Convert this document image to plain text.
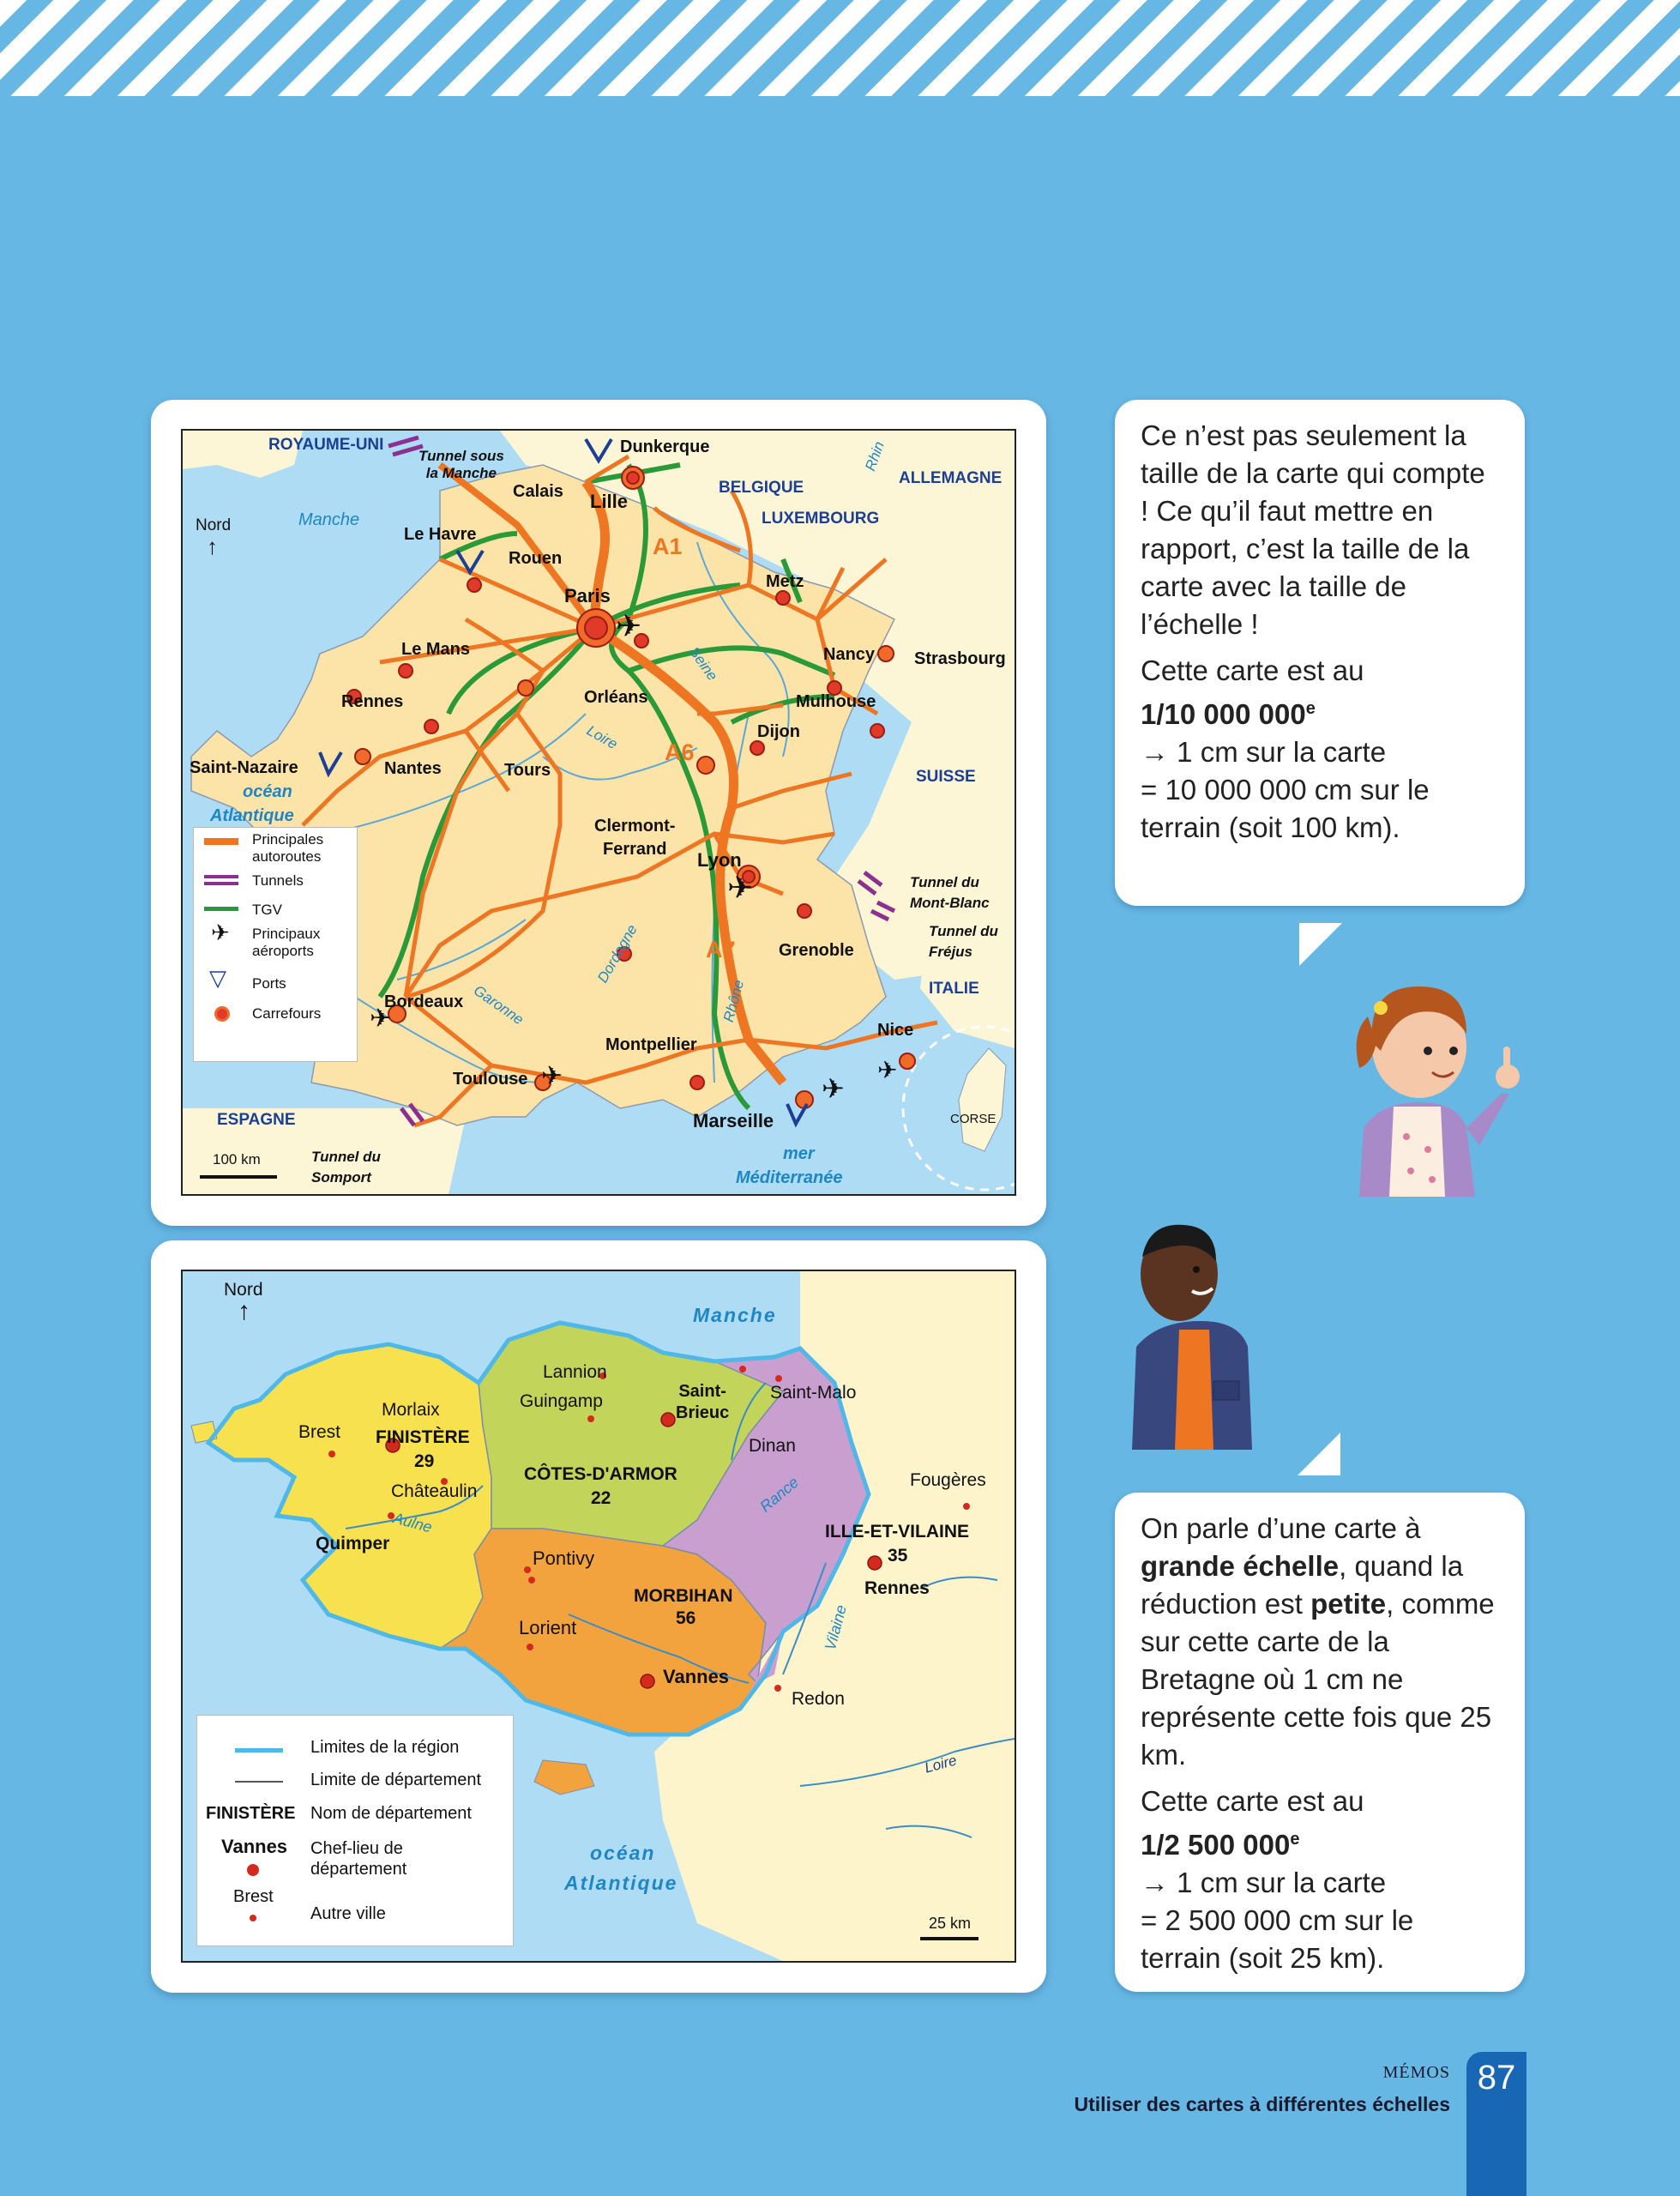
✈
✈
✈
✈	✈
✈
ROYAUME-UNI
BELGIQUE
LUXEMBOURG
ALLEMAGNE
SUISSE
ITALIE
ESPAGNE	CORSE
Manche
océan
Atlantique
mer
Méditerranée
Rhin
Seine
Loire
Dordogne
Garonne	Rhône
Nord
↑	A1
A6
A7
Tunnel sous
la Manche
Tunnel du
Mont-Blanc
Tunnel du
Fréjus
Tunnel du
Somport
Dunkerque
Calais Lille
Le Havre
Rouen
Paris
Metz
Nancy Strasbourg
Le Mans
Rennes	Orléans	Mulhouse
Dijon
Saint-Nazaire	Nantes	Tours
Clermont-
Ferrand	Lyon
Grenoble
Bordeaux
Montpellier
Toulouse
Marseille
Nice
100 km
Principales
autoroutes
Tunnels
TGV
✈ Principaux
aéroports
▽ Ports
Carrefours
Nord
↑	Manche
océan
Atlantique
Aulne
Rance
Vilaine
Loire
FINISTÈRE
29
CÔTES-D'ARMOR
22
MORBIHAN
56
ILLE-ET-VILAINE
35
Lannion
Guingamp	Saint-
Brieuc
Saint-Malo
Dinan
Morlaix
Brest
Châteaulin
Quimper
Pontivy
Lorient
Vannes
Fougères
Rennes
Redon
25 km
Limites de la région
Limite de département
FINISTÈRE Nom de département
Vannes Chef-lieu de
département
Brest
Autre ville

Ce n’est pas seulement la taille de la carte qui compte ! Ce qu’il faut mettre en rapport, c’est la taille de la carte avec la taille de l’échelle !

Cette carte est au
1/10 000 $000^e$
→ 1 cm sur la carte
= 10 000 000 cm sur le terrain (soit 100 km).

On parle d’une carte à grande échelle, quand la réduction est petite, comme sur cette carte de la Bretagne où 1 cm ne représente cette fois que 25 km.

Cette carte est au
1/2 500 $000^e$
→ 1 cm sur la carte
= 2 500 000 cm sur le terrain (soit 25 km).

MÉMOS
Utiliser des cartes à différentes échelles
87
